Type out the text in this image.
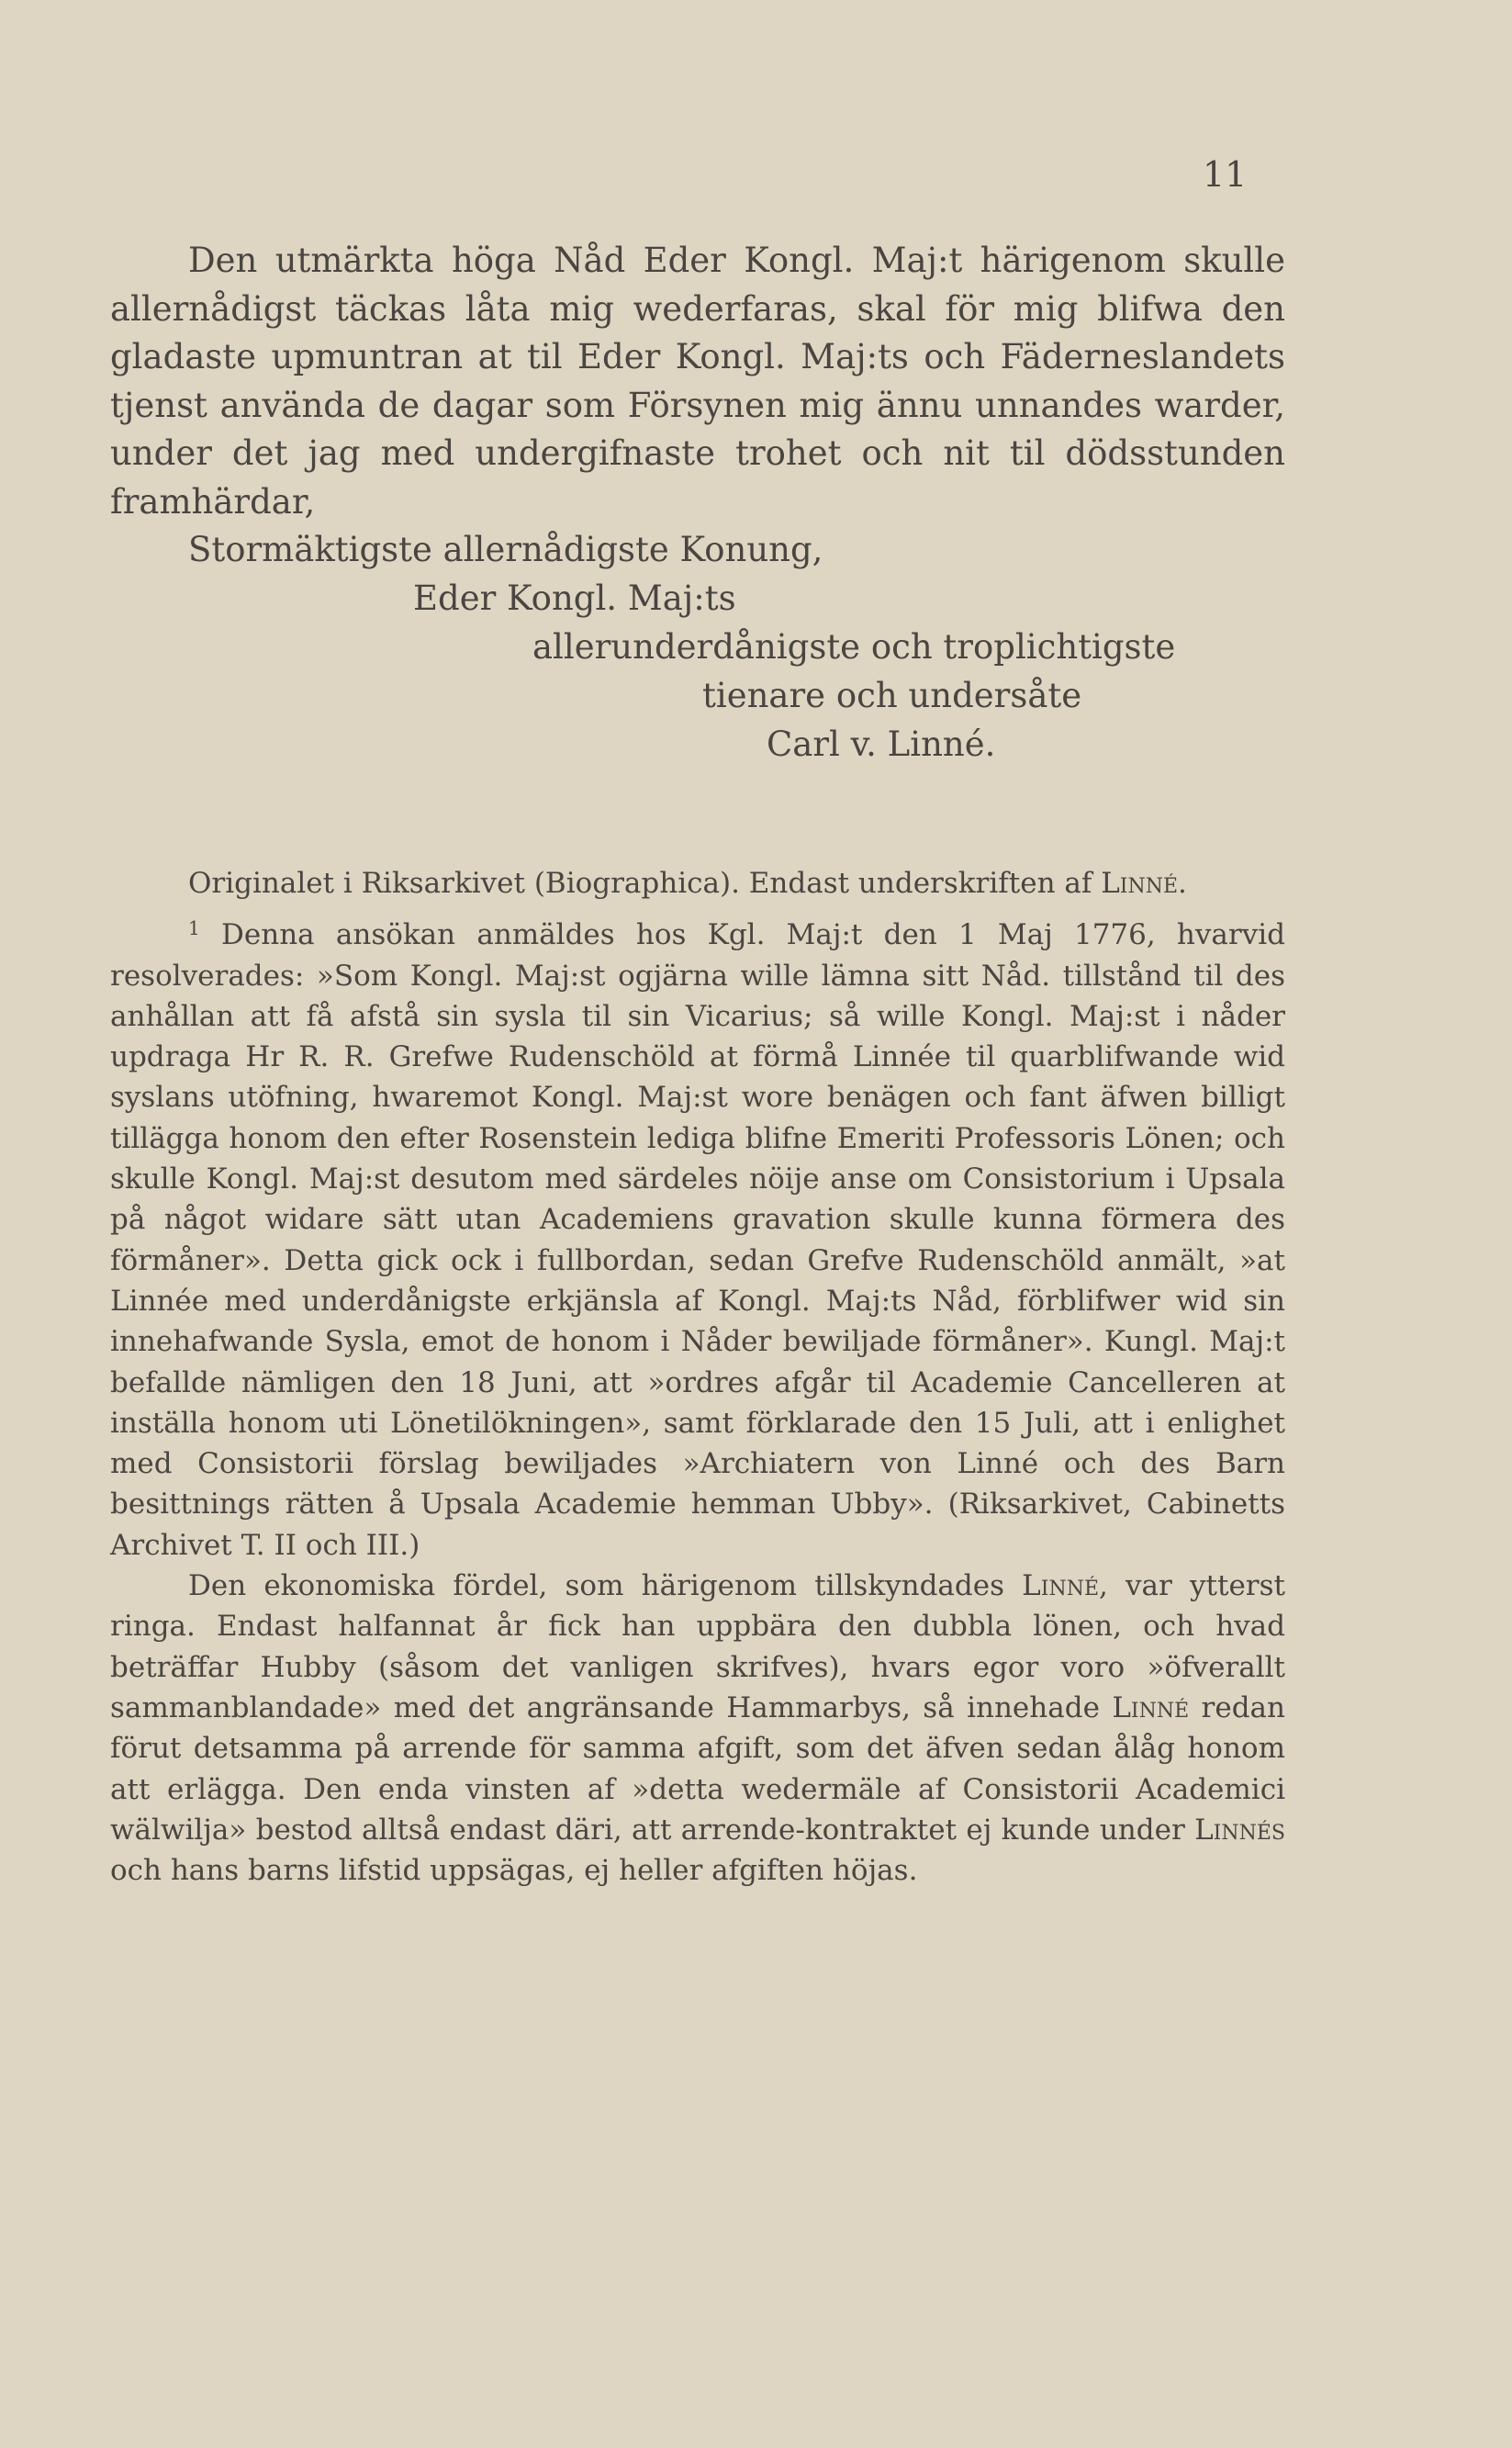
11

Den utmärkta höga Nåd Eder Kongl. Maj:t härigenom skulle allernådigst täckas låta mig wederfaras, skal för mig blifwa den gladaste upmuntran at til Eder Kongl. Maj:ts och Fäderneslandets tjenst använda de dagar som Försynen mig ännu unnandes warder, under det jag med undergifnaste trohet och nit til dödsstunden framhärdar,

Stormäktigste allernådigste Konung,
Eder Kongl. Maj:ts
allerunderdånigste och troplichtigste
tienare och undersåte
Carl v. Linné.

Originalet i Riksarkivet (Biographica). Endast underskriften af Linné.

$^1$ Denna ansökan anmäldes hos Kgl. Maj:t den 1 Maj 1776, hvarvid resolverades: »Som Kongl. Maj:st ogjärna wille lämna sitt Nåd. tillstånd til des anhållan att få afstå sin sysla til sin Vicarius; så wille Kongl. Maj:st i nåder updraga Hr R. R. Grefwe Rudenschöld at förmå Linnée til quarblifwande wid syslans utöfning, hwaremot Kongl. Maj:st wore benägen och fant äfwen billigt tillägga honom den efter Rosenstein lediga blifne Emeriti Professoris Lönen; och skulle Kongl. Maj:st desutom med särdeles nöije anse om Consistorium i Upsala på något widare sätt utan Academiens gravation skulle kunna förmera des förmåner». Detta gick ock i fullbordan, sedan Grefve Rudenschöld anmält, »at Linnée med underdånigste erkjänsla af Kongl. Maj:ts Nåd, förblifwer wid sin innehafwande Sysla, emot de honom i Nåder bewiljade förmåner». Kungl. Maj:t befallde nämligen den 18 Juni, att »ordres afgår til Academie Cancelleren at inställa honom uti Lönetilökningen», samt förklarade den 15 Juli, att i enlighet med Consistorii förslag bewiljades »Archiatern von Linné och des Barn besittnings rätten å Upsala Academie hemman Ubby». (Riksarkivet, Cabinetts Archivet T. II och III.)

Den ekonomiska fördel, som härigenom tillskyndades Linné, var ytterst ringa. Endast halfannat år fick han uppbära den dubbla lönen, och hvad beträffar Hubby (såsom det vanligen skrifves), hvars egor voro »öfverallt sammanblandade» med det angränsande Hammarbys, så innehade Linné redan förut detsamma på arrende för samma afgift, som det äfven sedan ålåg honom att erlägga. Den enda vinsten af »detta wedermäle af Consistorii Academici wälwilja» bestod alltså endast däri, att arrende-kontraktet ej kunde under Linnés och hans barns lifstid uppsägas, ej heller afgiften höjas.
